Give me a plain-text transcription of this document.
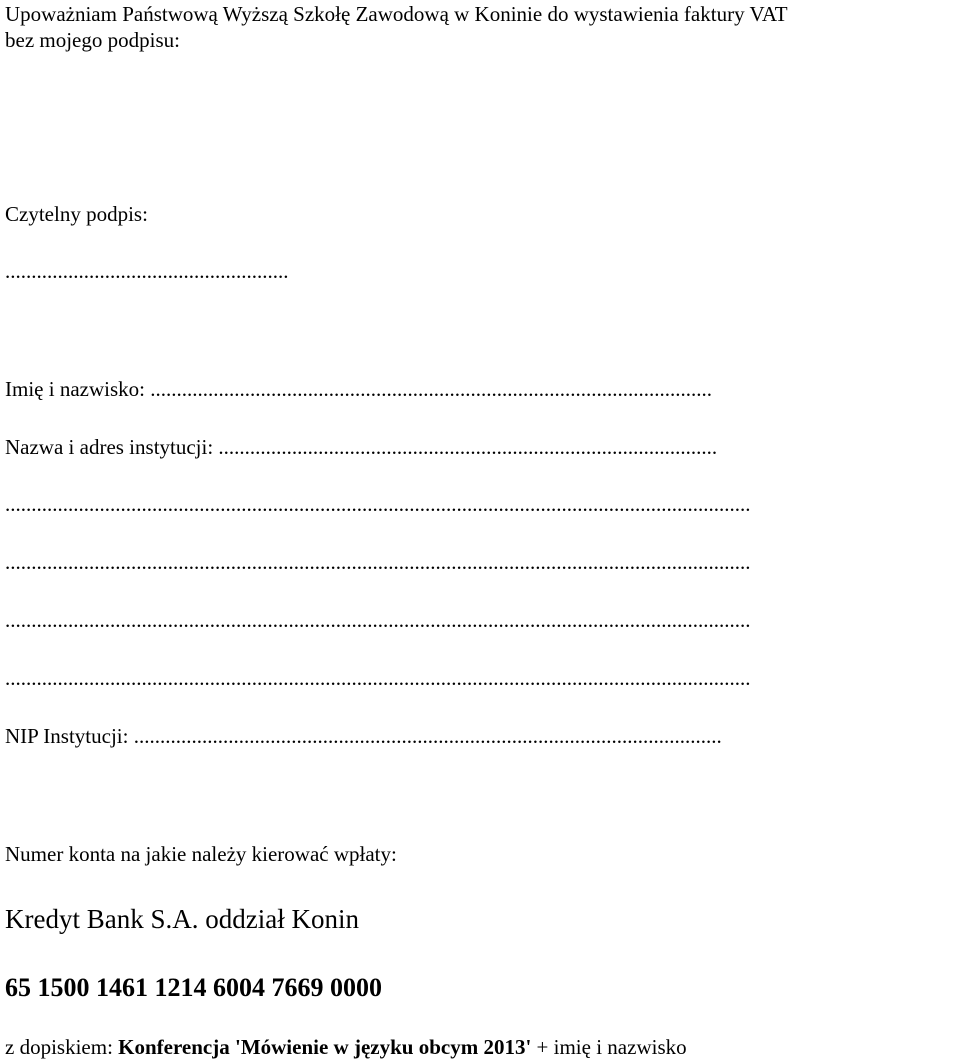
Upoważniam Państwową Wyższą Szkołę Zawodową w Koninie do wystawienia faktury VAT
bez mojego podpisu:
Czytelny podpis:
......................................................
Imię i nazwisko: ...........................................................................................................
Nazwa i adres instytucji: ...............................................................................................
..............................................................................................................................................
..............................................................................................................................................
..............................................................................................................................................
..............................................................................................................................................
NIP Instytucji: ................................................................................................................
Numer konta na jakie należy kierować wpłaty:
Kredyt Bank S.A. oddział Konin
65 1500 1461 1214 6004 7669 0000
z dopiskiem: Konferencja 'Mówienie w języku obcym 2013' + imię i nazwisko
